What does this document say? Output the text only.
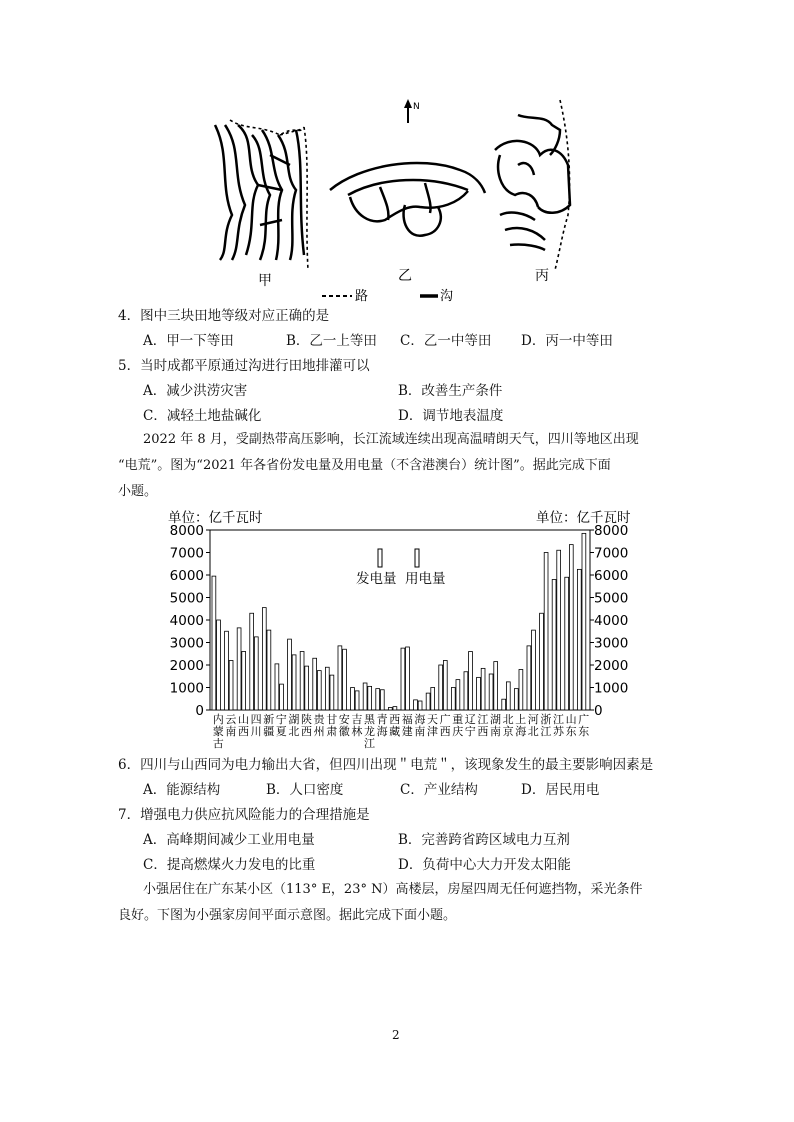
N
甲	乙	丙
路	沟
4．图中三块田地等级对应正确的是
A．甲一下等田	B．乙一上等田 C．乙一中等田 D．丙一中等田
5．当时成都平原通过沟进行田地排灌可以
A．减少洪涝灾害	B．改善生产条件
C．减轻土地盐碱化	D．调节地表温度
2022 年 8 月，受副热带高压影响，长江流域连续出现高温晴朗天气，四川等地区出现
“电荒”。图为“2021 年各省份发电量及用电量（不含港澳台）统计图”。据此完成下面
小题。
单位：亿千瓦时	单位：亿千瓦时
0	0
1000	1000
2000	2000
3000	3000
4000	4000
5000	5000
6000	6000
7000	7000
8000	8000
内
蒙
古
云
南
山
西
四
川
新
疆
宁
夏
湖
北
陕
西
贵
州
甘
肃
安
徽
吉
林
黑
龙
江
青
海
西
藏
福
建
海
南
天
津
广
西
重
庆
辽
宁
江
西
湖
南
北
京
上
海
河
北
浙
江
江
苏
山
东
广
东
发电量 用电量
6．四川与山西同为电力输出大省，但四川出现＂电荒＂，该现象发生的最主要影响因素是
A．能源结构	B．人口密度	C．产业结构	D．居民用电
7．增强电力供应抗风险能力的合理措施是
A．高峰期间减少工业用电量	B．完善跨省跨区域电力互剂
C．提高燃煤火力发电的比重	D．负荷中心大力开发太阳能
小强居住在广东某小区（113° E，23° N）高楼层，房屋四周无任何遮挡物，采光条件
良好。下图为小强家房间平面示意图。据此完成下面小题。
2
